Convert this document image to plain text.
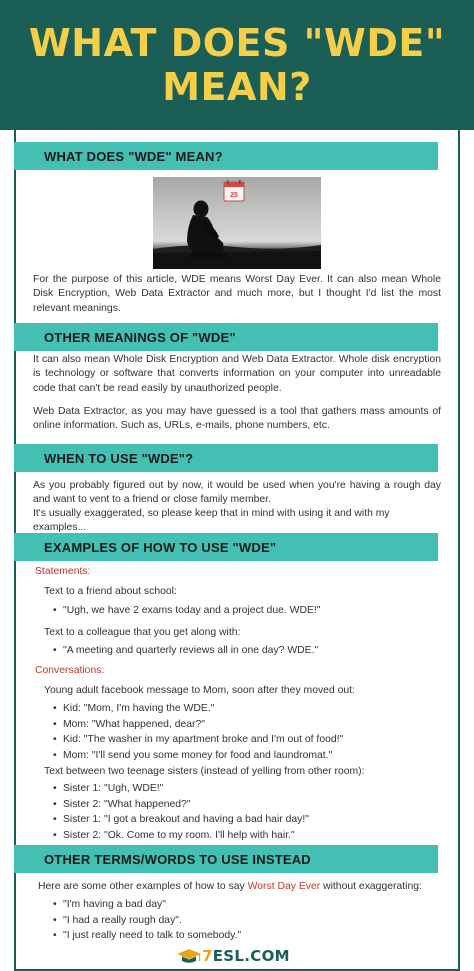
WHAT DOES "WDE"
MEAN?
WHAT DOES "WDE" MEAN?
25
For the purpose of this article, WDE means Worst Day Ever. It can also mean Whole Disk Encryption, Web Data Extractor and much more, but I thought I'd list the most relevant meanings.
OTHER MEANINGS OF "WDE"
It can also mean Whole Disk Encryption and Web Data Extractor. Whole disk encryption is technology or software that converts information on your computer into unreadable code that can't be read easily by unauthorized people.
Web Data Extractor, as you may have guessed is a tool that gathers mass amounts of online information. Such as, URLs, e-mails, phone numbers, etc.
WHEN TO USE "WDE"?
As you probably figured out by now, it would be used when you're having a rough day and want to vent to a friend or close family member.
It's usually exaggerated, so please keep that in mind with using it and with my examples...
EXAMPLES OF HOW TO USE "WDE"
Statements:
Text to a friend about school:
• "Ugh, we have 2 exams today and a project due. WDE!"
Text to a colleague that you get along with:
• "A meeting and quarterly reviews all in one day? WDE."
Conversations:
Young adult facebook message to Mom, soon after they moved out:
• Kid: "Mom, I'm having the WDE."
• Mom: "What happened, dear?"
• Kid: "The washer in my apartment broke and I'm out of food!"
• Mom: "I'll send you some money for food and laundromat."
Text between two teenage sisters (instead of yelling from other room):
• Sister 1: "Ugh, WDE!"
• Sister 2: "What happened?"
• Sister 1: "I got a breakout and having a bad hair day!"
• Sister 2: "Ok. Come to my room. I'll help with hair."
OTHER TERMS/WORDS TO USE INSTEAD
Here are some other examples of how to say Worst Day Ever without exaggerating:
• "I'm having a bad day"
• "I had a really rough day".
• "I just really need to talk to somebody."
7ESL.COM
